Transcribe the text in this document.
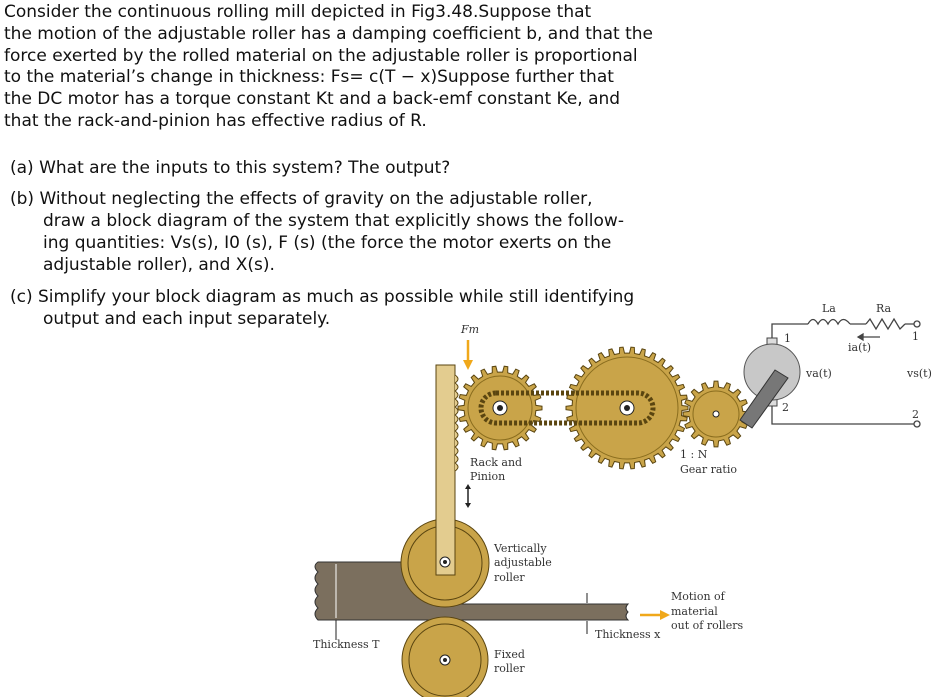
Consider the continuous rolling mill depicted in Fig3.48.Suppose that
the motion of the adjustable roller has a damping coefficient b, and that the
force exerted by the rolled material on the adjustable roller is proportional
to the material’s change in thickness: Fs= c(T − x)Suppose further that
the DC motor has a torque constant Kt and a back-emf constant Ke, and
that the rack-and-pinion has effective radius of R.
(a) What are the inputs to this system? The output?
(b) Without neglecting the effects of gravity on the adjustable roller,
draw a block diagram of the system that explicitly shows the follow-
ing quantities: Vs(s), I0 (s), F (s) (the force the motor exerts on the
adjustable roller), and X(s).
(c) Simplify your block diagram as much as possible while still identifying
output and each input separately.
La	Ra
ia(t)
va(t)	vs(t)
1
2
1
2
Fm
Rack and
Pinion
1 : N
Gear ratio
Vertically
adjustable
roller
Motion of
material
out of rollers
Thickness x
Thickness T
Fixed
roller
